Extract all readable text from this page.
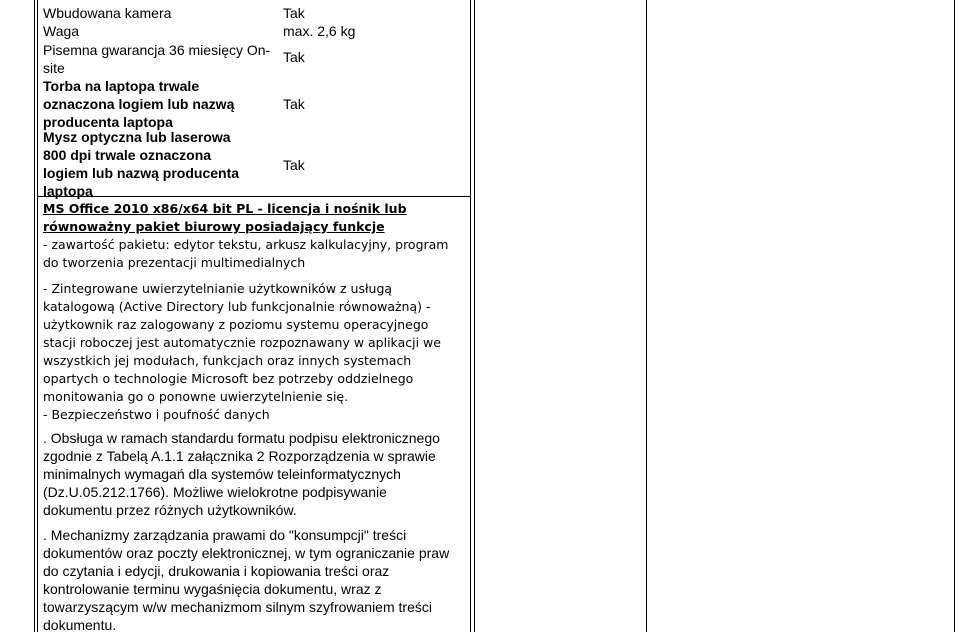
Wbudowana kamera	Tak

Waga	max. 2,6 kg

Pisemna gwarancja 36 miesięcy On-
site

Tak

Torba na laptopa trwale
oznaczona logiem lub nazwą
producenta laptopa

Tak

Mysz optyczna lub laserowa
800 dpi trwale oznaczona
logiem lub nazwą producenta
laptopa

Tak

MS Office 2010 x86/x64 bit PL - licencja i nośnik lub
równoważny pakiet biurowy posiadający funkcje
- zawartość pakietu: edytor tekstu, arkusz kalkulacyjny, program
do tworzenia prezentacji multimedialnych
- Zintegrowane uwierzytelnianie użytkowników z usługą
katalogową (Active Directory lub funkcjonalnie równoważną) -
użytkownik raz zalogowany z poziomu systemu operacyjnego
stacji roboczej jest automatycznie rozpoznawany w aplikacji we
wszystkich jej modułach, funkcjach oraz innych systemach
opartych o technologie Microsoft bez potrzeby oddzielnego
monitowania go o ponowne uwierzytelnienie się.
- Bezpieczeństwo i poufność danych
. Obsługa w ramach standardu formatu podpisu elektronicznego
zgodnie z Tabelą A.1.1 załącznika 2 Rozporządzenia w sprawie
minimalnych wymagań dla systemów teleinformatycznych
(Dz.U.05.212.1766). Możliwe wielokrotne podpisywanie
dokumentu przez różnych użytkowników.
. Mechanizmy zarządzania prawami do "konsumpcji" treści
dokumentów oraz poczty elektronicznej, w tym ograniczanie praw
do czytania i edycji, drukowania i kopiowania treści oraz
kontrolowanie terminu wygaśnięcia dokumentu, wraz z
towarzyszącym w/w mechanizmom silnym szyfrowaniem treści
dokumentu.
